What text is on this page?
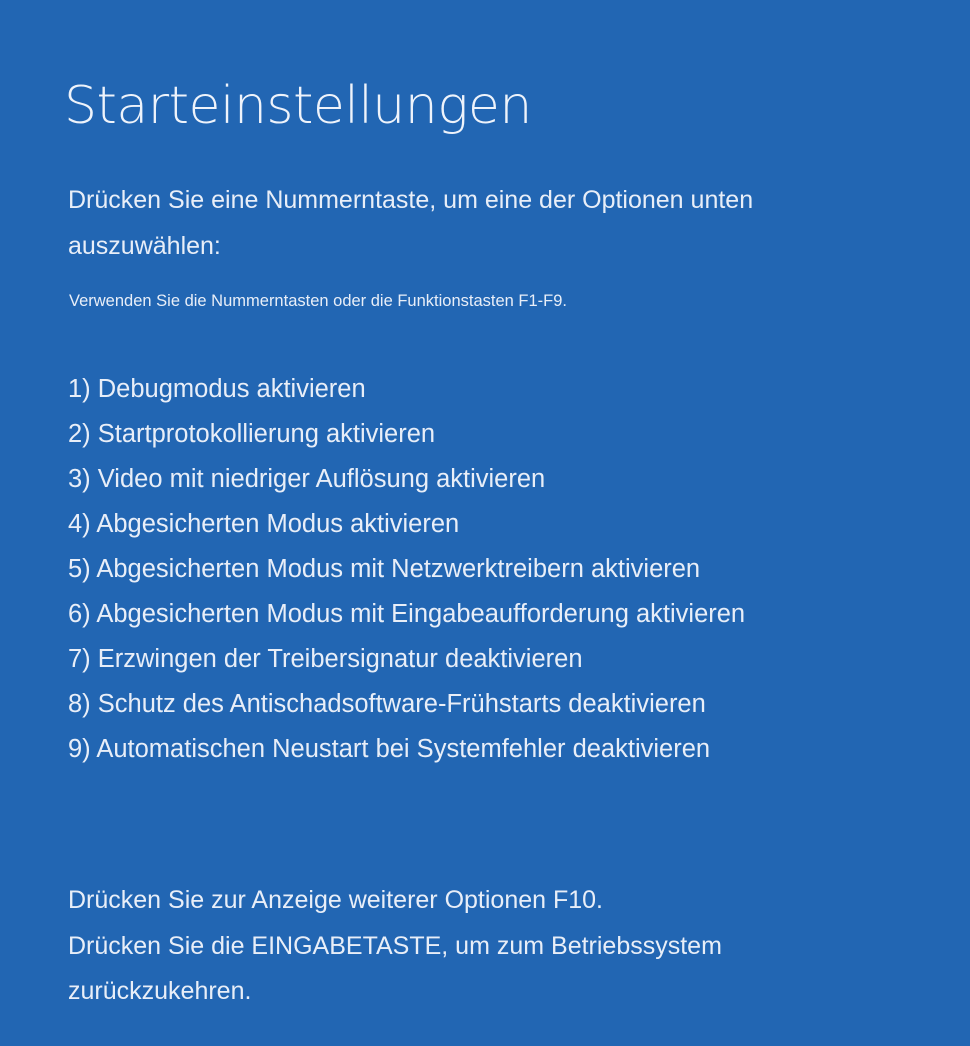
Starteinstellungen
Drücken Sie eine Nummerntaste, um eine der Optionen unten auszuwählen:
Verwenden Sie die Nummerntasten oder die Funktionstasten F1-F9.
1) Debugmodus aktivieren
2) Startprotokollierung aktivieren
3) Video mit niedriger Auflösung aktivieren
4) Abgesicherten Modus aktivieren
5) Abgesicherten Modus mit Netzwerktreibern aktivieren
6) Abgesicherten Modus mit Eingabeaufforderung aktivieren
7) Erzwingen der Treibersignatur deaktivieren
8) Schutz des Antischadsoftware-Frühstarts deaktivieren
9) Automatischen Neustart bei Systemfehler deaktivieren
Drücken Sie zur Anzeige weiterer Optionen F10.
Drücken Sie die EINGABETASTE, um zum Betriebssystem zurückzukehren.
